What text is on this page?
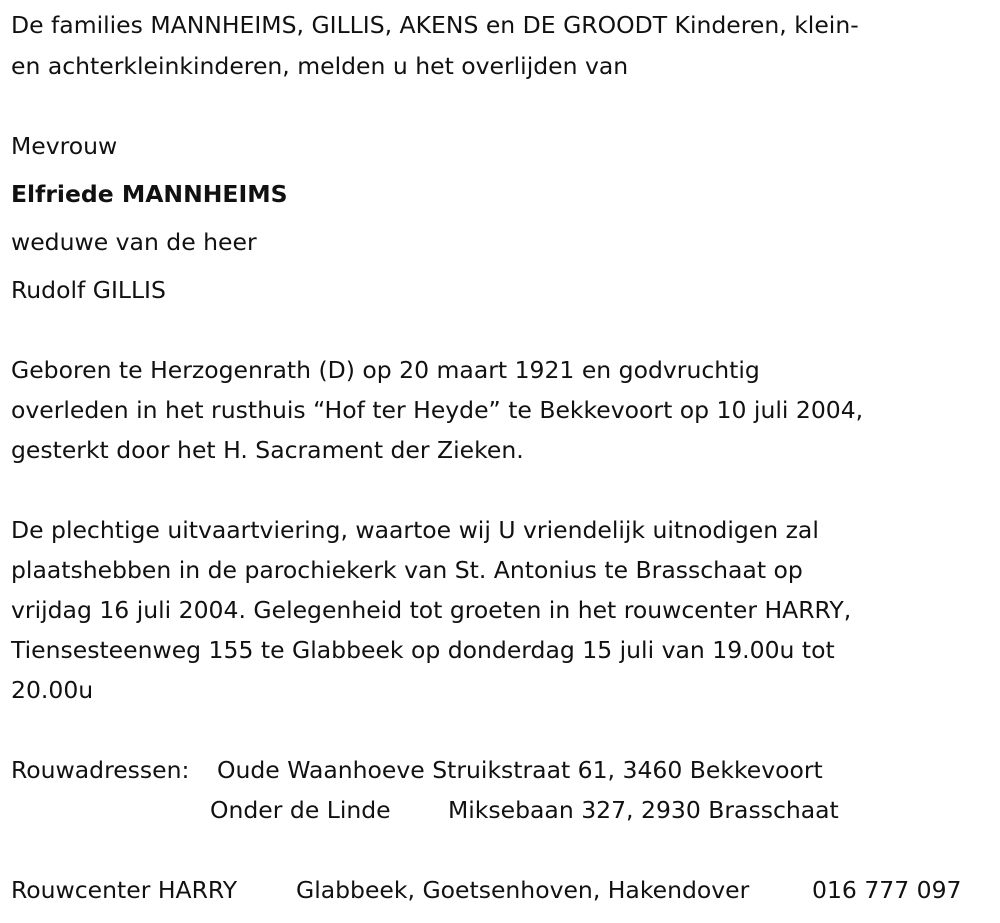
De families MANNHEIMS, GILLIS, AKENS en DE GROODT Kinderen, klein-
en achterkleinkinderen, melden u het overlijden van
Mevrouw
Elfriede MANNHEIMS
weduwe van de heer
Rudolf GILLIS
Geboren te Herzogenrath (D) op 20 maart 1921 en godvruchtig
overleden in het rusthuis “Hof ter Heyde” te Bekkevoort op 10 juli 2004,
gesterkt door het H. Sacrament der Zieken.
De plechtige uitvaartviering, waartoe wij U vriendelijk uitnodigen zal
plaatshebben in de parochiekerk van St. Antonius te Brasschaat op
vrijdag 16 juli 2004. Gelegenheid tot groeten in het rouwcenter HARRY,
Tiensesteenweg 155 te Glabbeek op donderdag 15 juli van 19.00u tot
20.00u
Rouwadressen: Oude Waanhoeve Struikstraat 61, 3460 Bekkevoort
Onder de Linde Miksebaan 327, 2930 Brasschaat
Rouwcenter HARRY	Glabbeek, Goetsenhoven, Hakendover	016 777 097
